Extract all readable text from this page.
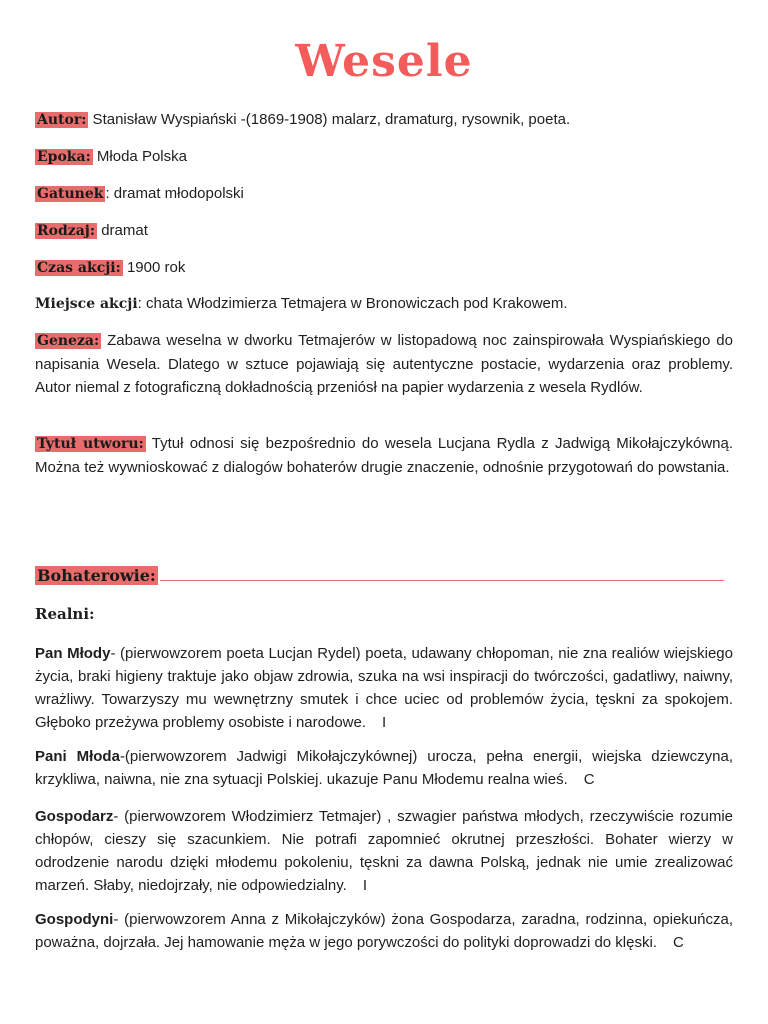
Wesele
Autor: Stanisław Wyspiański -(1869-1908) malarz, dramaturg, rysownik, poeta.
Epoka: Młoda Polska
Gatunek : dramat młodopolski
Rodzaj: dramat
Czas akcji: 1900 rok
Miejsce akcji: chata Włodzimierza Tetmajera w Bronowiczach pod Krakowem.
Geneza: Zabawa weselna w dworku Tetmajerów w listopadową noc zainspirowała Wyspiańskiego do napisania Wesela. Dlatego w sztuce pojawiają się autentyczne postacie, wydarzenia oraz problemy. Autor niemal z fotograficzną dokładnością przeniósł na papier wydarzenia z wesela Rydlów.
Tytuł utworu: Tytuł odnosi się bezpośrednio do wesela Lucjana Rydla z Jadwigą Mikołajczykówną. Można też wywnioskować z dialogów bohaterów drugie znaczenie, odnośnie przygotowań do powstania.
Bohaterowie:
Realni:
Pan Młody- (pierwowzorem poeta Lucjan Rydel) poeta, udawany chłopoman, nie zna realiów wiejskiego życia, braki higieny traktuje jako objaw zdrowia, szuka na wsi inspiracji do twórczości, gadatliwy, naiwny, wrażliwy. Towarzyszy mu wewnętrzny smutek i chce uciec od problemów życia, tęskni za spokojem. Głęboko przeżywa problemy osobiste i narodowe. I
Pani Młoda-(pierwowzorem Jadwigi Mikołajczykównej) urocza, pełna energii, wiejska dziewczyna, krzykliwa, naiwna, nie zna sytuacji Polskiej. ukazuje Panu Młodemu realna wieś. C
Gospodarz- (pierwowzorem Włodzimierz Tetmajer) , szwagier państwa młodych, rzeczywiście rozumie chłopów, cieszy się szacunkiem. Nie potrafi zapomnieć okrutnej przeszłości. Bohater wierzy w odrodzenie narodu dzięki młodemu pokoleniu, tęskni za dawna Polską, jednak nie umie zrealizować marzeń. Słaby, niedojrzały, nie odpowiedzialny. I
Gospodyni- (pierwowzorem Anna z Mikołajczyków) żona Gospodarza, zaradna, rodzinna, opiekuńcza, poważna, dojrzała. Jej hamowanie męża w jego porywczości do polityki doprowadzi do klęski. C
